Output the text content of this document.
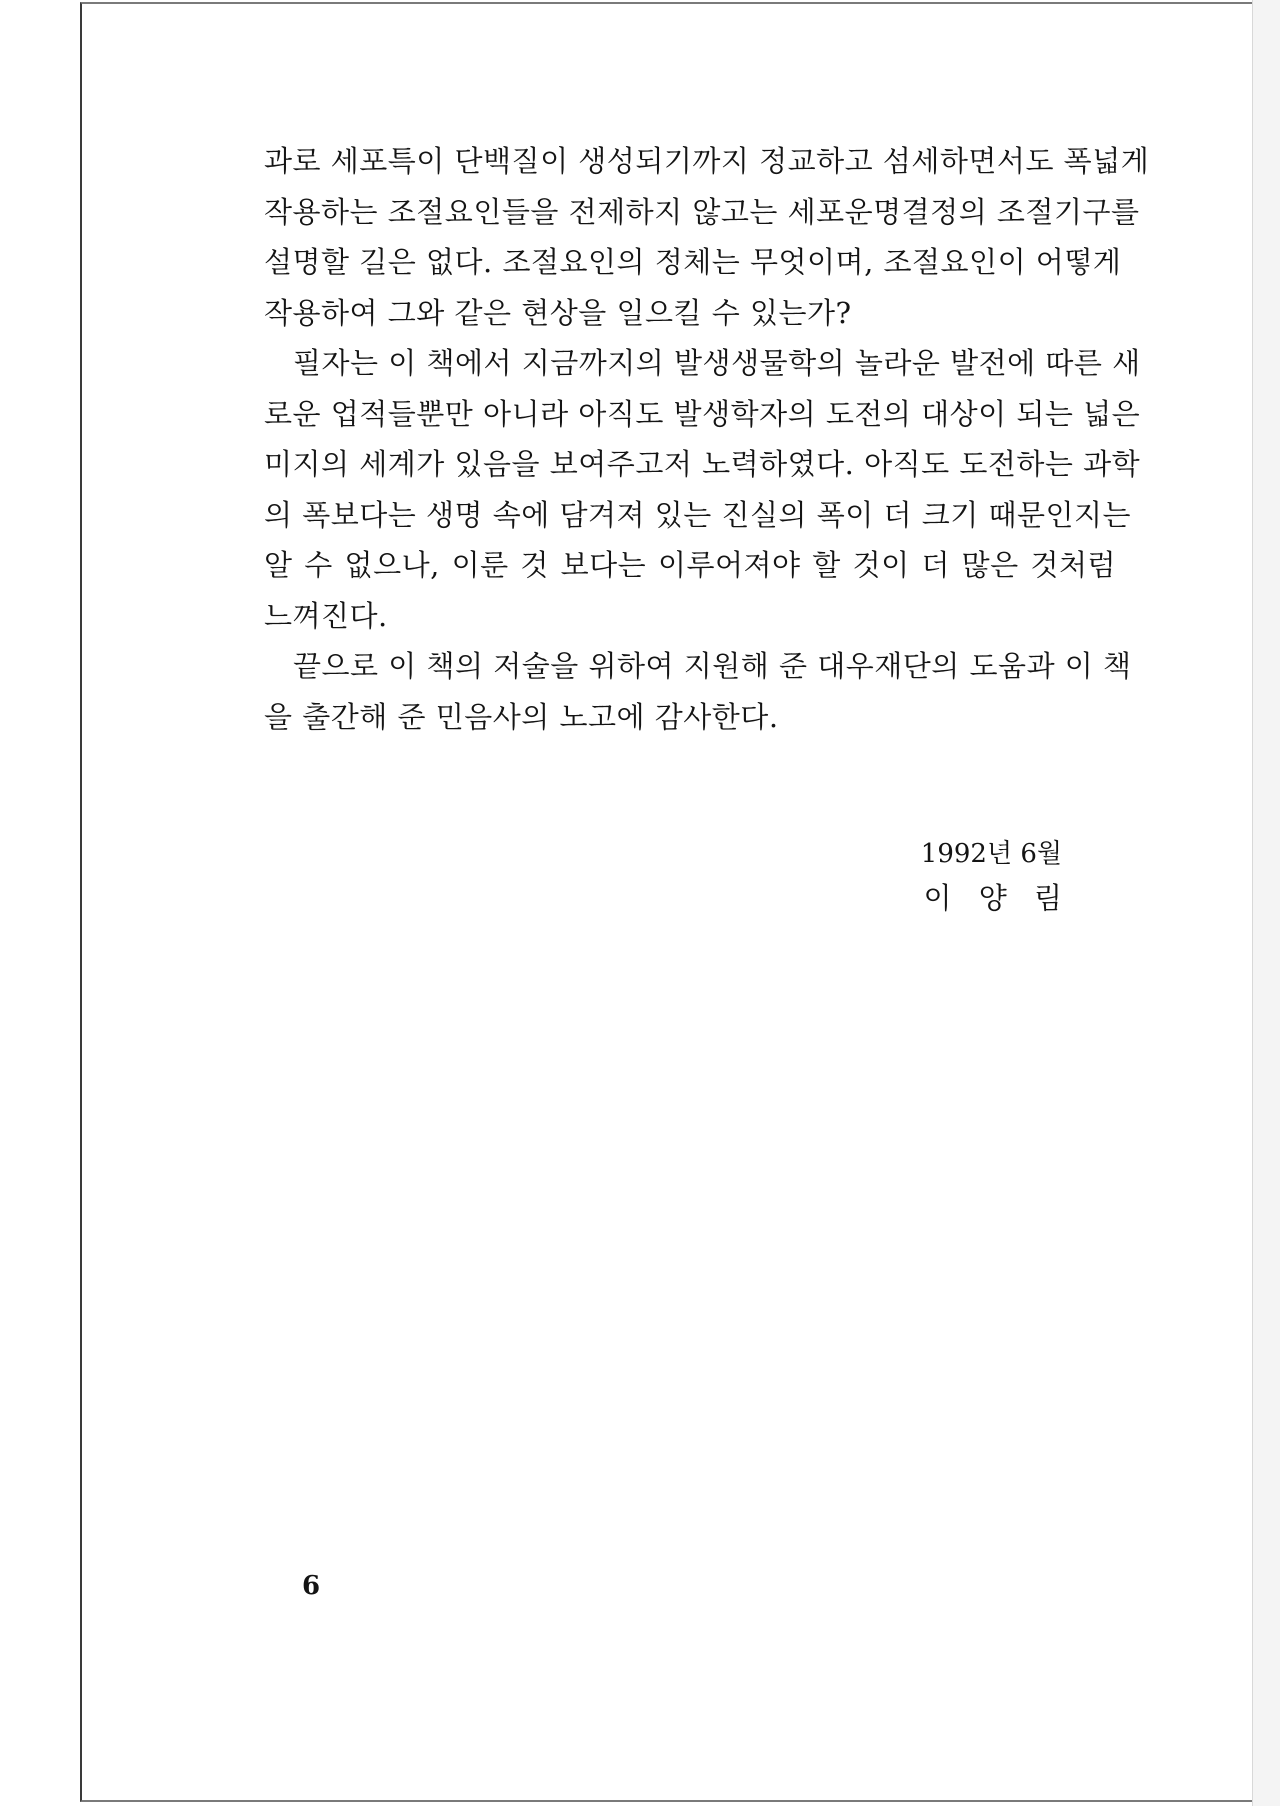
과로 세포특이 단백질이 생성되기까지 정교하고 섬세하면서도 폭넓게
작용하는 조절요인들을 전제하지 않고는 세포운명결정의 조절기구를
설명할 길은 없다. 조절요인의 정체는 무엇이며, 조절요인이 어떻게
작용하여 그와 같은 현상을 일으킬 수 있는가?
필자는 이 책에서 지금까지의 발생생물학의 놀라운 발전에 따른 새
로운 업적들뿐만 아니라 아직도 발생학자의 도전의 대상이 되는 넓은
미지의 세계가 있음을 보여주고저 노력하였다. 아직도 도전하는 과학
의 폭보다는 생명 속에 담겨져 있는 진실의 폭이 더 크기 때문인지는
알 수 없으나, 이룬 것 보다는 이루어져야 할 것이 더 많은 것처럼
느껴진다.
끝으로 이 책의 저술을 위하여 지원해 준 대우재단의 도움과 이 책
을 출간해 준 민음사의 노고에 감사한다.
1992년 6월
이 양 림
6
